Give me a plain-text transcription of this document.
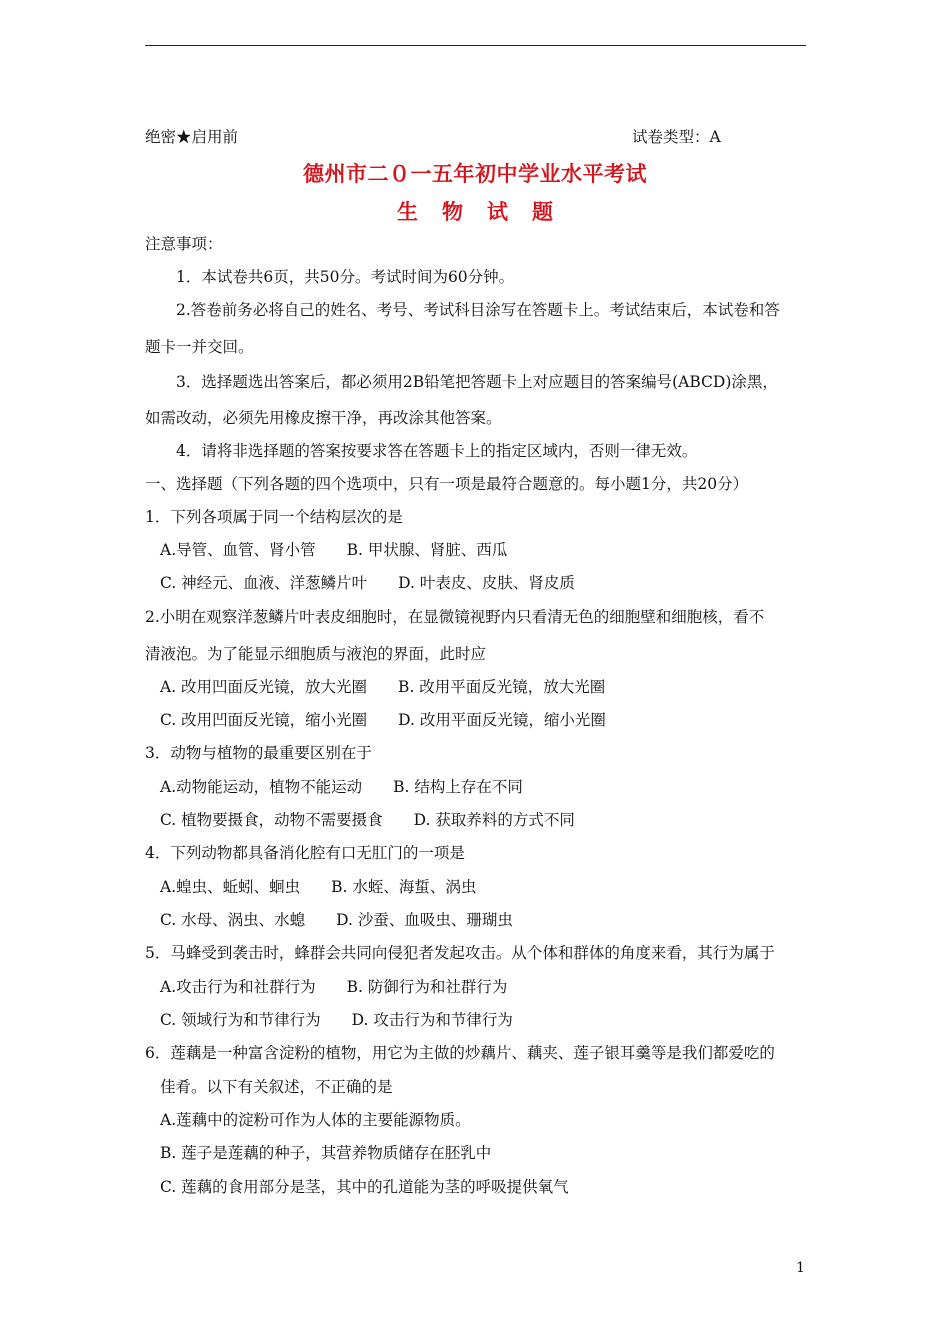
绝密★启用前	试卷类型：A
德州市二０一五年初中学业水平考试
生 物 试 题
注意事项：
1．本试卷共6页，共50分。考试时间为60分钟。
2.答卷前务必将自己的姓名、考号、考试科目涂写在答题卡上。考试结束后，本试卷和答
题卡一并交回。
3．选择题选出答案后，都必须用2B铅笔把答题卡上对应题目的答案编号(ABCD)涂黑，
如需改动，必须先用橡皮擦干净，再改涂其他答案。
4．请将非选择题的答案按要求答在答题卡上的指定区域内，否则一律无效。
一、选择题（下列各题的四个选项中，只有一项是最符合题意的。每小题1分，共20分）
1．下列各项属于同一个结构层次的是
A.导管、血管、肾小管　　B. 甲状腺、肾脏、西瓜
C. 神经元、血液、洋葱鳞片叶　　D. 叶表皮、皮肤、肾皮质
2.小明在观察洋葱鳞片叶表皮细胞时，在显微镜视野内只看清无色的细胞壁和细胞核，看不
清液泡。为了能显示细胞质与液泡的界面，此时应
A. 改用凹面反光镜，放大光圈　　B. 改用平面反光镜，放大光圈
C. 改用凹面反光镜，缩小光圈　　D. 改用平面反光镜，缩小光圈
3．动物与植物的最重要区别在于
A.动物能运动，植物不能运动　　B. 结构上存在不同
C. 植物要摄食，动物不需要摄食　　D. 获取养料的方式不同
4．下列动物都具备消化腔有口无肛门的一项是
A.蝗虫、蚯蚓、蛔虫　　B. 水蛭、海蜇、涡虫
C. 水母、涡虫、水螅　　D. 沙蚕、血吸虫、珊瑚虫
5．马蜂受到袭击时，蜂群会共同向侵犯者发起攻击。从个体和群体的角度来看，其行为属于
A.攻击行为和社群行为　　B. 防御行为和社群行为
C. 领域行为和节律行为　　D. 攻击行为和节律行为
6．莲藕是一种富含淀粉的植物，用它为主做的炒藕片、藕夹、莲子银耳羹等是我们都爱吃的
佳肴。以下有关叙述，不正确的是
A.莲藕中的淀粉可作为人体的主要能源物质。
B. 莲子是莲藕的种子，其营养物质储存在胚乳中
C. 莲藕的食用部分是茎，其中的孔道能为茎的呼吸提供氧气
1
